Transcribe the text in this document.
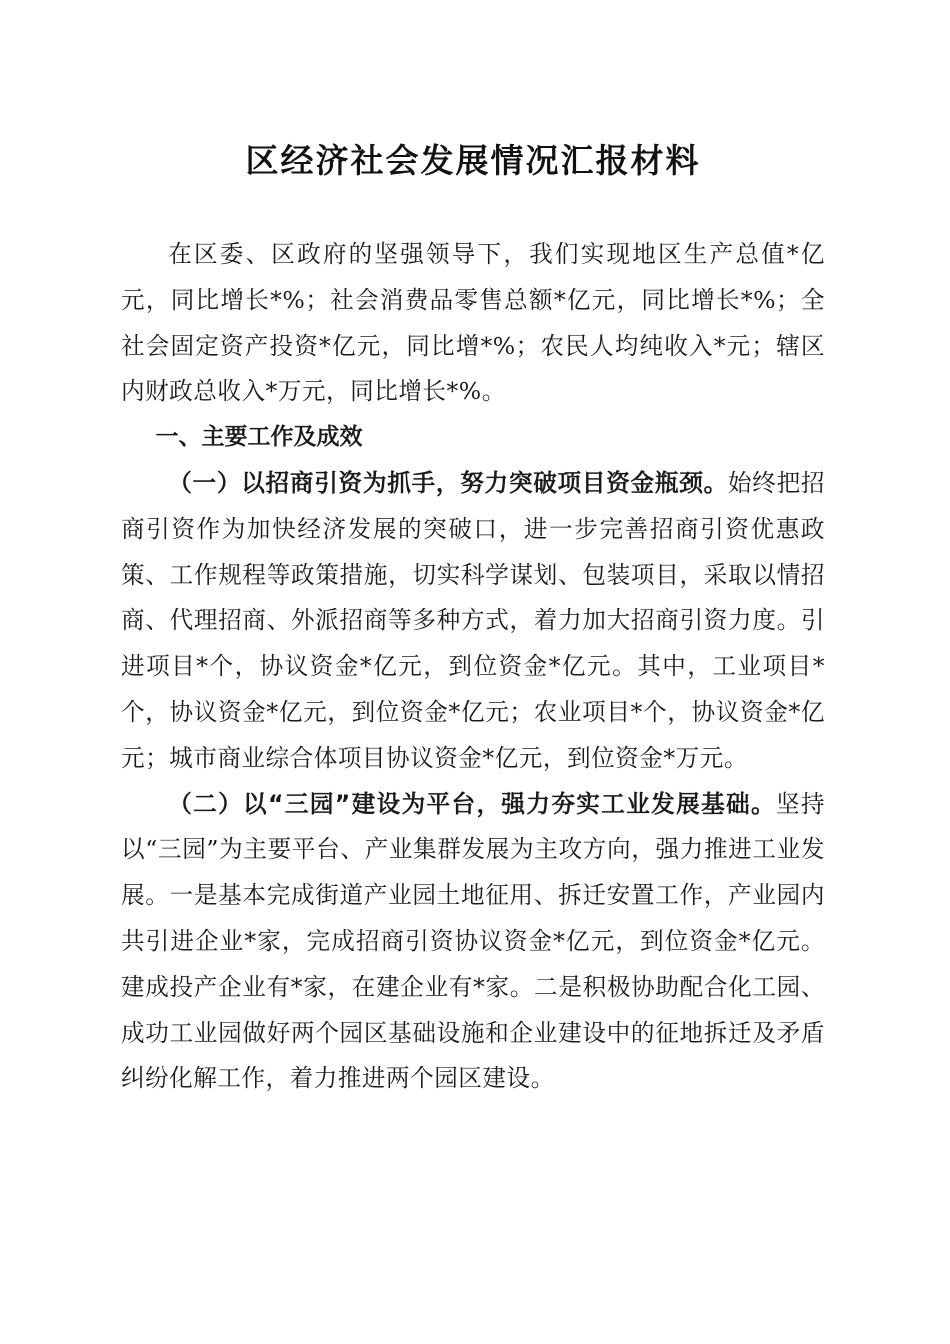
区经济社会发展情况汇报材料

在区委、区政府的坚强领导下，我们实现地区生产总值*亿元，同比增长*%；社会消费品零售总额*亿元，同比增长*%；全社会固定资产投资*亿元，同比增*%；农民人均纯收入*元；辖区内财政总收入*万元，同比增长*%。

一、主要工作及成效

（一）以招商引资为抓手，努力突破项目资金瓶颈。始终把招商引资作为加快经济发展的突破口，进一步完善招商引资优惠政策、工作规程等政策措施，切实科学谋划、包装项目，采取以情招商、代理招商、外派招商等多种方式，着力加大招商引资力度。引进项目*个，协议资金*亿元，到位资金*亿元。其中，工业项目*个，协议资金*亿元，到位资金*亿元；农业项目*个，协议资金*亿元；城市商业综合体项目协议资金*亿元，到位资金*万元。

（二）以“三园”建设为平台，强力夯实工业发展基础。坚持以“三园”为主要平台、产业集群发展为主攻方向，强力推进工业发展。一是基本完成街道产业园土地征用、拆迁安置工作，产业园内共引进企业*家，完成招商引资协议资金*亿元，到位资金*亿元。建成投产企业有*家，在建企业有*家。二是积极协助配合化工园、成功工业园做好两个园区基础设施和企业建设中的征地拆迁及矛盾纠纷化解工作，着力推进两个园区建设。
